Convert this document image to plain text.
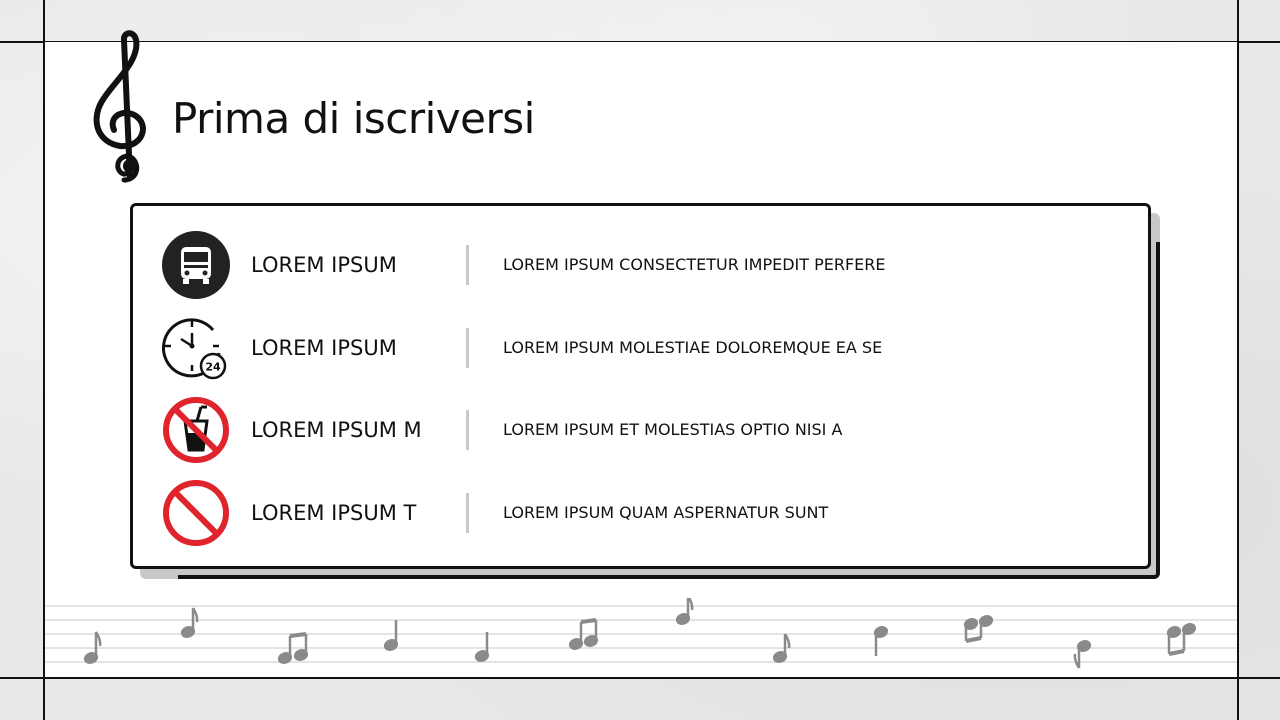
Prima di iscriversi
LOREM IPSUM	LOREM IPSUM CONSECTETUR IMPEDIT PERFERE
24
LOREM IPSUM	LOREM IPSUM MOLESTIAE DOLOREMQUE EA SE
LOREM IPSUM M	LOREM IPSUM ET MOLESTIAS OPTIO NISI A
LOREM IPSUM T	LOREM IPSUM QUAM ASPERNATUR SUNT
